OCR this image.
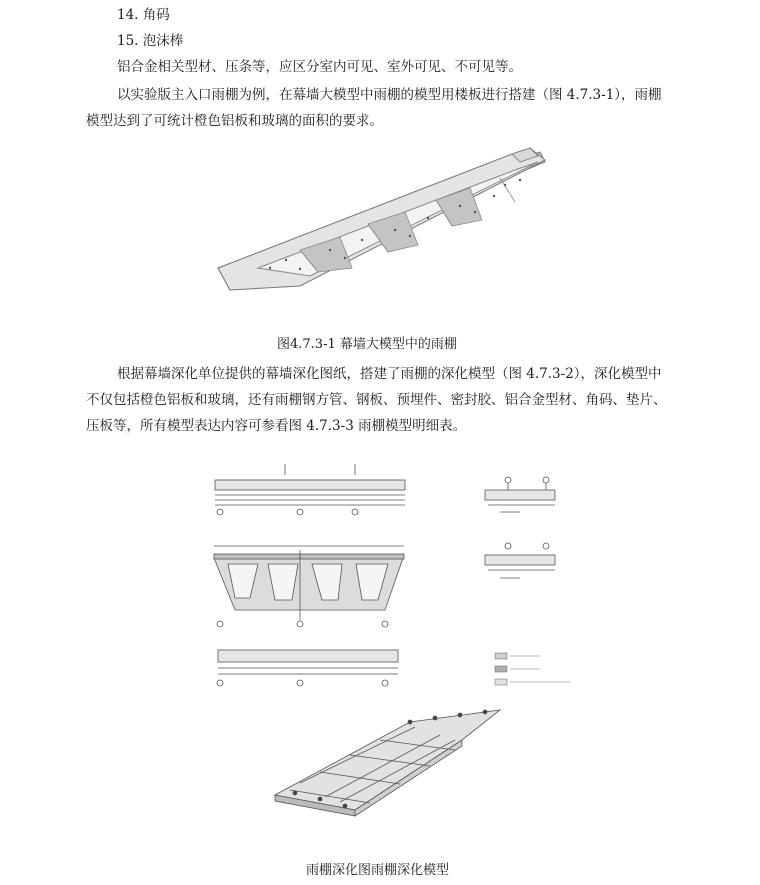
14. 角码
15. 泡沫棒
铝合金相关型材、压条等，应区分室内可见、室外可见、不可见等。
以实验版主入口雨棚为例，在幕墙大模型中雨棚的模型用楼板进行搭建（图 4.7.3-1），雨棚
模型达到了可统计橙色铝板和玻璃的面积的要求。
图4.7.3-1 幕墙大模型中的雨棚
根据幕墙深化单位提供的幕墙深化图纸，搭建了雨棚的深化模型（图 4.7.3-2），深化模型中
不仅包括橙色铝板和玻璃，还有雨棚钢方管、钢板、预埋件、密封胶、铝合金型材、角码、垫片、
压板等，所有模型表达内容可参看图 4.7.3-3 雨棚模型明细表。
雨棚深化图雨棚深化模型
